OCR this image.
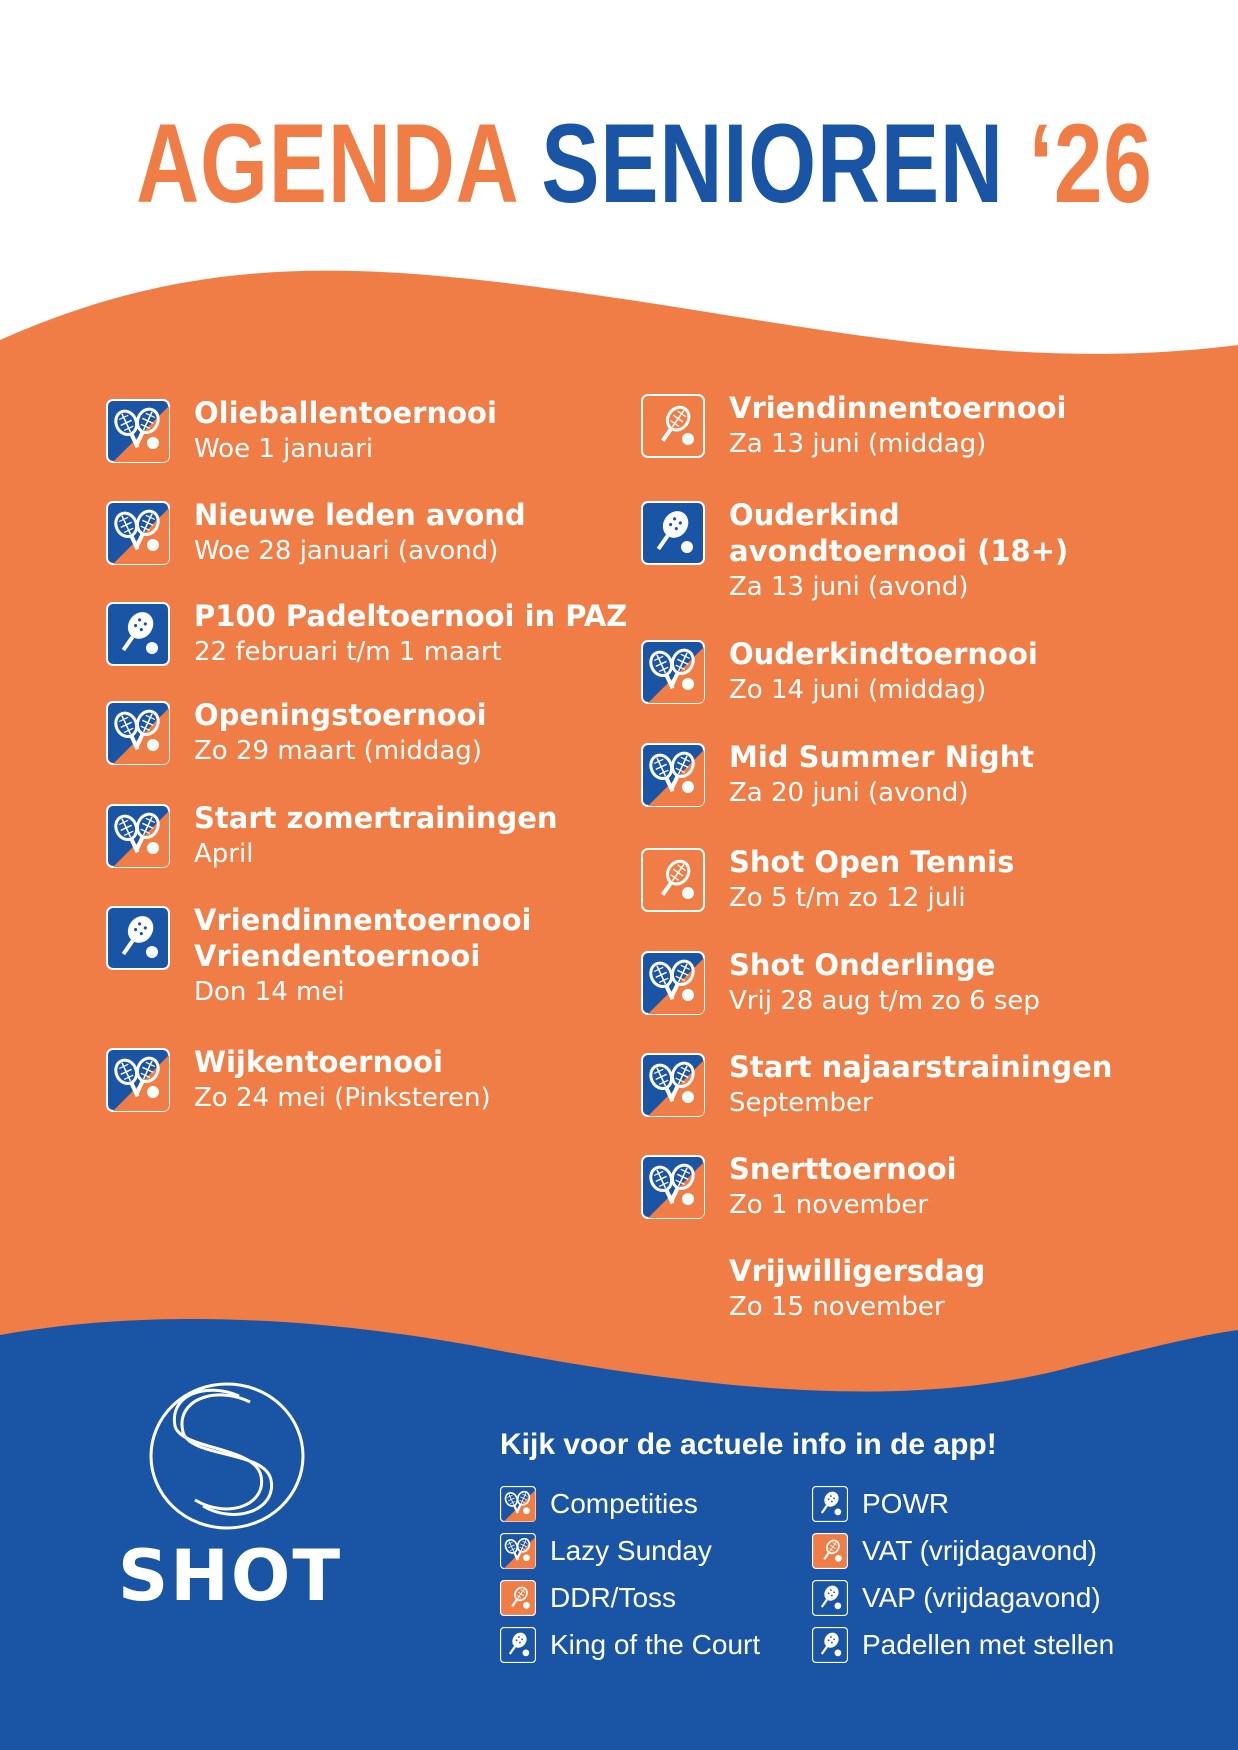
AGENDA SENIOREN ‘26
Olieballentoernooi
Woe 1 januari
Nieuwe leden avond
Woe 28 januari (avond)
P100 Padeltoernooi in PAZ
22 februari t/m 1 maart
Openingstoernooi
Zo 29 maart (middag)
Start zomertrainingen
April
Vriendinnentoernooi
Vriendentoernooi
Don 14 mei
Wijkentoernooi
Zo 24 mei (Pinksteren)
Vriendinnentoernooi
Za 13 juni (middag)
Ouderkind
avondtoernooi (18+)
Za 13 juni (avond)
Ouderkindtoernooi
Zo 14 juni (middag)
Mid Summer Night
Za 20 juni (avond)
Shot Open Tennis
Zo 5 t/m zo 12 juli
Shot Onderlinge
Vrij 28 aug t/m zo 6 sep
Start najaarstrainingen
September
Snerttoernooi
Zo 1 november
Vrijwilligersdag
Zo 15 november
SHOT
Kijk voor de actuele info in de app!
Competities
Lazy Sunday
DDR/Toss
King of the Court
POWR
VAT (vrijdagavond)
VAP (vrijdagavond)
Padellen met stellen
